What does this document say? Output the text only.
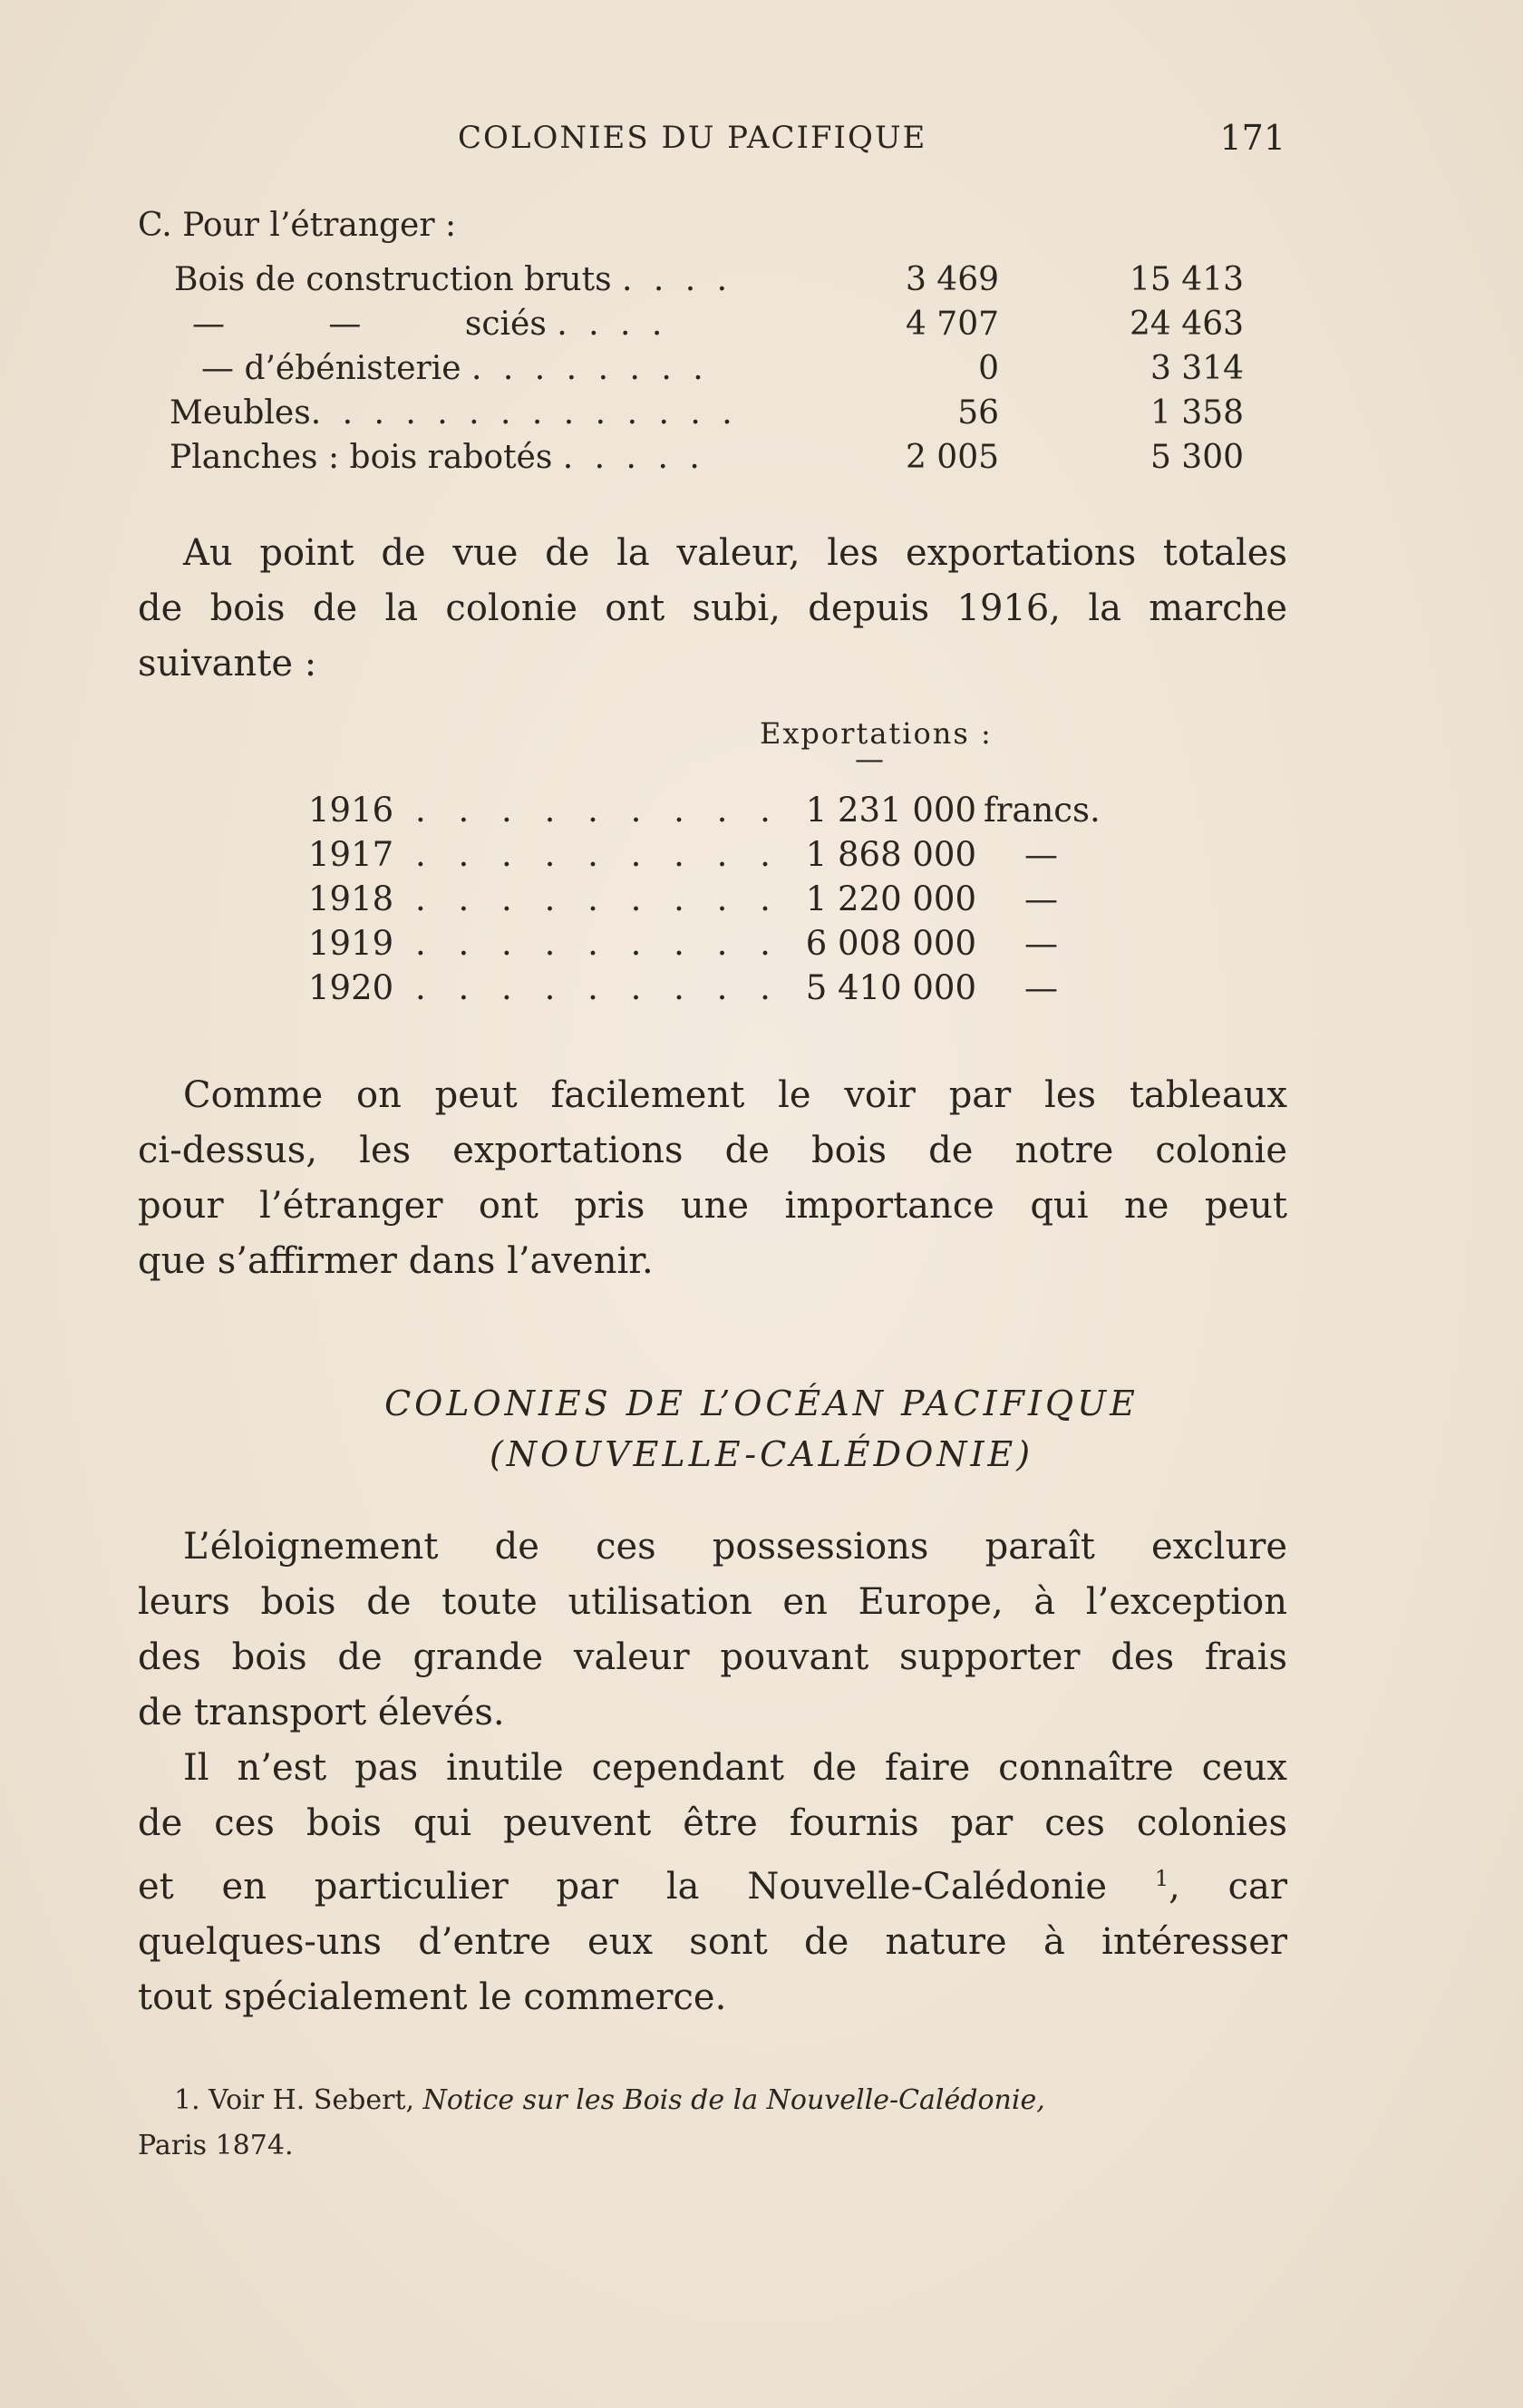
COLONIES DU PACIFIQUE	171
C. Pour l’étranger :
Bois de construction bruts . . . .	3 469	15 413
—          —          sciés . . . .	4 707	24 463
— d’ébénisterie . . . . . . . .	0	3 314
Meubles. . . . . . . . . . . . . .	56	1 358
Planches : bois rabotés . . . . .	2 005	5 300
Au point de vue de la valeur, les exportations totales
de bois de la colonie ont subi, depuis 1916, la marche
suivante :
Exportations :
—
1916 . . . . . . . . . 1 231 000 francs.
1917 . . . . . . . . . 1 868 000 —
1918 . . . . . . . . . 1 220 000 —
1919 . . . . . . . . . 6 008 000 —
1920 . . . . . . . . . 5 410 000 —
Comme on peut facilement le voir par les tableaux
ci-dessus, les exportations de bois de notre colonie
pour l’étranger ont pris une importance qui ne peut
que s’affirmer dans l’avenir.
COLONIES DE L’OCÉAN PACIFIQUE
(NOUVELLE-CALÉDONIE)
L’éloignement de ces possessions paraît exclure
leurs bois de toute utilisation en Europe, à l’exception
des bois de grande valeur pouvant supporter des frais
de transport élevés.
Il n’est pas inutile cependant de faire connaître ceux
de ces bois qui peuvent être fournis par ces colonies
et en particulier par la Nouvelle-Calédonie $^1$, car
quelques-uns d’entre eux sont de nature à intéresser
tout spécialement le commerce.
1. Voir H. Sebert, Notice sur les Bois de la Nouvelle-Calédonie,
Paris 1874.
